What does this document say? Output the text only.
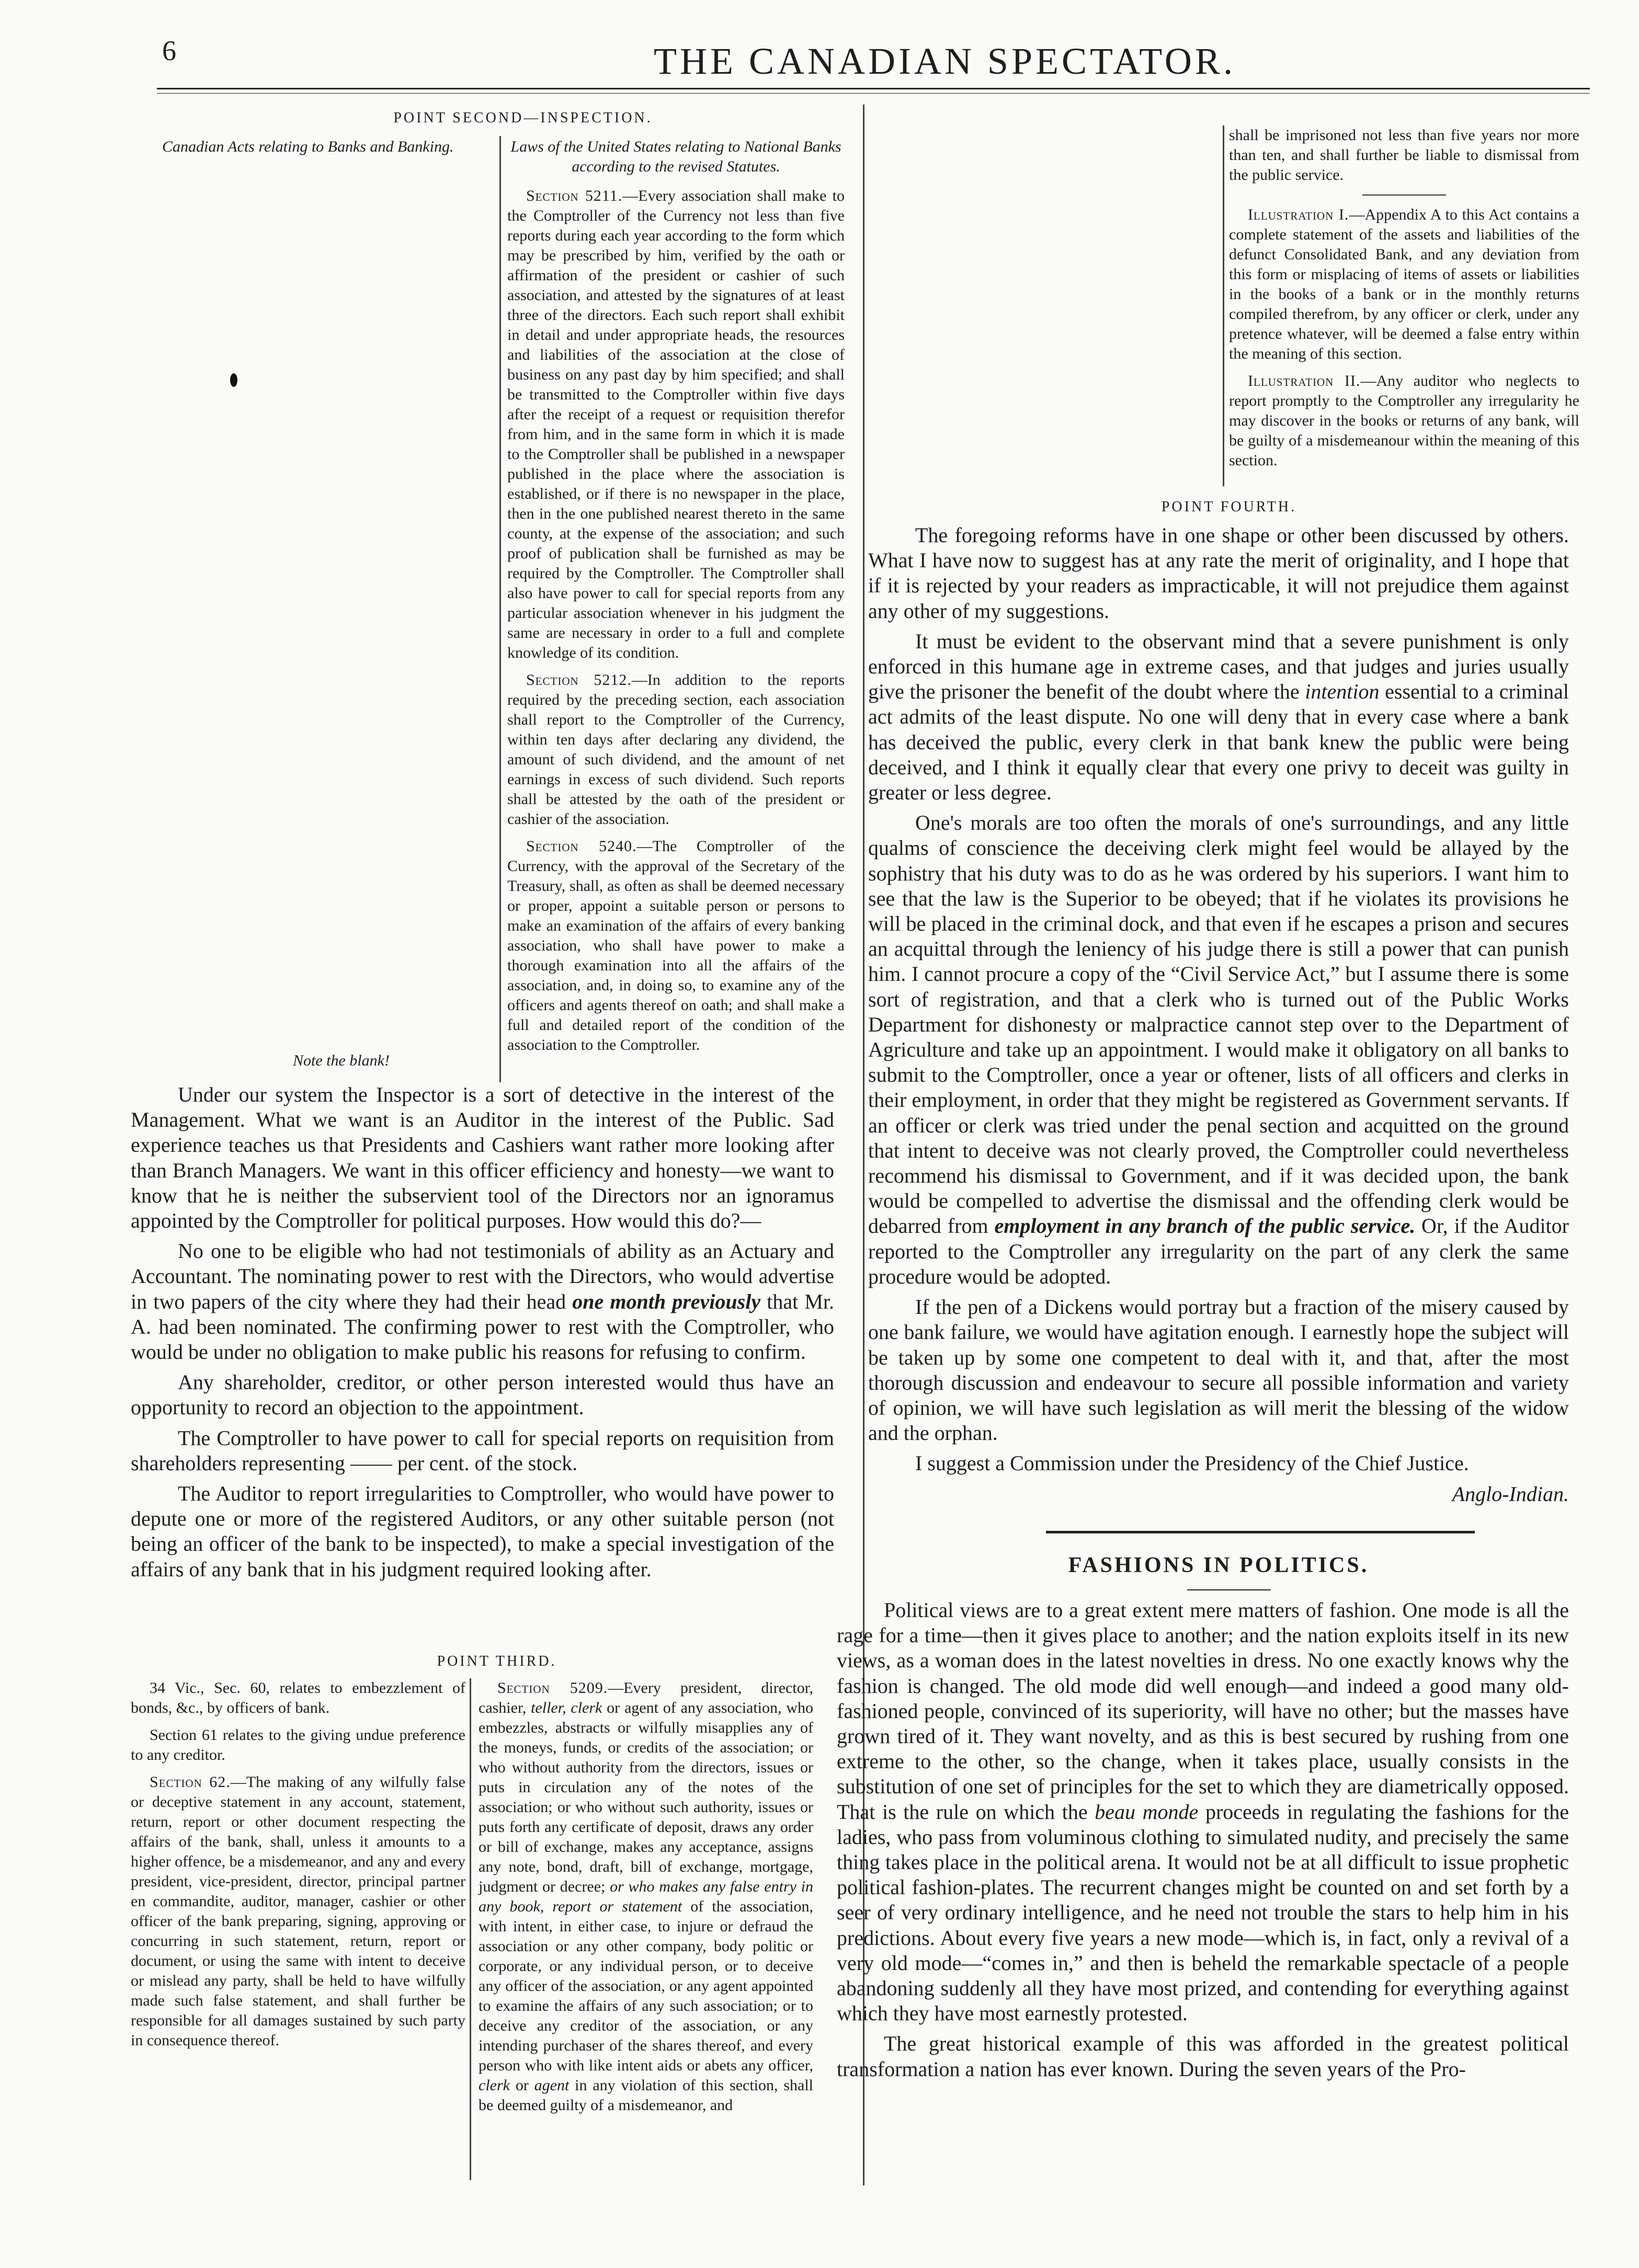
6	THE CANADIAN SPECTATOR.
POINT SECOND—INSPECTION.
Canadian Acts relating to Banks and Banking.
Note the blank!

Laws of the United States relating to National Banks according to the revised Statutes.

Section 5211.—Every association shall make to the Comptroller of the Currency not less than five reports during each year according to the form which may be prescribed by him, verified by the oath or affirmation of the president or cashier of such association, and attested by the signatures of at least three of the directors. Each such report shall exhibit in detail and under appropriate heads, the resources and liabilities of the association at the close of business on any past day by him specified; and shall be transmitted to the Comptroller within five days after the receipt of a request or requisition therefor from him, and in the same form in which it is made to the Comptroller shall be published in a newspaper published in the place where the association is established, or if there is no newspaper in the place, then in the one published nearest thereto in the same county, at the expense of the association; and such proof of publication shall be furnished as may be required by the Comptroller. The Comptroller shall also have power to call for special reports from any particular association whenever in his judgment the same are necessary in order to a full and complete knowledge of its condition.

Section 5212.—In addition to the reports required by the preceding section, each association shall report to the Comptroller of the Currency, within ten days after declaring any dividend, the amount of such dividend, and the amount of net earnings in excess of such dividend. Such reports shall be attested by the oath of the president or cashier of the association.

Section 5240.—The Comptroller of the Currency, with the approval of the Secretary of the Treasury, shall, as often as shall be deemed necessary or proper, appoint a suitable person or persons to make an examination of the affairs of every banking association, who shall have power to make a thorough examination into all the affairs of the association, and, in doing so, to examine any of the officers and agents thereof on oath; and shall make a full and detailed report of the condition of the association to the Comptroller.

Under our system the Inspector is a sort of detective in the interest of the Management. What we want is an Auditor in the interest of the Public. Sad experience teaches us that Presidents and Cashiers want rather more looking after than Branch Managers. We want in this officer efficiency and honesty—we want to know that he is neither the subservient tool of the Directors nor an ignoramus appointed by the Comptroller for political purposes. How would this do?—

No one to be eligible who had not testimonials of ability as an Actuary and Accountant. The nominating power to rest with the Directors, who would advertise in two papers of the city where they had their head one month previously that Mr. A. had been nominated. The confirming power to rest with the Comptroller, who would be under no obligation to make public his reasons for refusing to confirm.

Any shareholder, creditor, or other person interested would thus have an opportunity to record an objection to the appointment.

The Comptroller to have power to call for special reports on requisition from shareholders representing —— per cent. of the stock.

The Auditor to report irregularities to Comptroller, who would have power to depute one or more of the registered Auditors, or any other suitable person (not being an officer of the bank to be inspected), to make a special investigation of the affairs of any bank that in his judgment required looking after.

POINT THIRD.

34 Vic., Sec. 60, relates to embezzlement of bonds, &c., by officers of bank.

Section 61 relates to the giving undue preference to any creditor.

Section 62.—The making of any wilfully false or deceptive statement in any account, statement, return, report or other document respecting the affairs of the bank, shall, unless it amounts to a higher offence, be a misdemeanor, and any and every president, vice-president, director, principal partner en commandite, auditor, manager, cashier or other officer of the bank preparing, signing, approving or concurring in such statement, return, report or document, or using the same with intent to deceive or mislead any party, shall be held to have wilfully made such false statement, and shall further be responsible for all damages sustained by such party in consequence thereof.

Section 5209.—Every president, director, cashier, teller, clerk or agent of any association, who embezzles, abstracts or wilfully misapplies any of the moneys, funds, or credits of the association; or who without authority from the directors, issues or puts in circulation any of the notes of the association; or who without such authority, issues or puts forth any certificate of deposit, draws any order or bill of exchange, makes any acceptance, assigns any note, bond, draft, bill of exchange, mortgage, judgment or decree; or who makes any false entry in any book, report or statement of the association, with intent, in either case, to injure or defraud the association or any other company, body politic or corporate, or any individual person, or to deceive any officer of the association, or any agent appointed to examine the affairs of any such association; or to deceive any creditor of the association, or any intending purchaser of the shares thereof, and every person who with like intent aids or abets any officer, clerk or agent in any violation of this section, shall be deemed guilty of a misdemeanor, and

shall be imprisoned not less than five years nor more than ten, and shall further be liable to dismissal from the public service.

Illustration I.—Appendix A to this Act contains a complete statement of the assets and liabilities of the defunct Consolidated Bank, and any deviation from this form or misplacing of items of assets or liabilities in the books of a bank or in the monthly returns compiled therefrom, by any officer or clerk, under any pretence whatever, will be deemed a false entry within the meaning of this section.

Illustration II.—Any auditor who neglects to report promptly to the Comptroller any irregularity he may discover in the books or returns of any bank, will be guilty of a misdemeanour within the meaning of this section.

POINT FOURTH.

The foregoing reforms have in one shape or other been discussed by others. What I have now to suggest has at any rate the merit of originality, and I hope that if it is rejected by your readers as impracticable, it will not prejudice them against any other of my suggestions.

It must be evident to the observant mind that a severe punishment is only enforced in this humane age in extreme cases, and that judges and juries usually give the prisoner the benefit of the doubt where the intention essential to a criminal act admits of the least dispute. No one will deny that in every case where a bank has deceived the public, every clerk in that bank knew the public were being deceived, and I think it equally clear that every one privy to deceit was guilty in greater or less degree.

One's morals are too often the morals of one's surroundings, and any little qualms of conscience the deceiving clerk might feel would be allayed by the sophistry that his duty was to do as he was ordered by his superiors. I want him to see that the law is the Superior to be obeyed; that if he violates its provisions he will be placed in the criminal dock, and that even if he escapes a prison and secures an acquittal through the leniency of his judge there is still a power that can punish him. I cannot procure a copy of the “Civil Service Act,” but I assume there is some sort of registration, and that a clerk who is turned out of the Public Works Department for dishonesty or malpractice cannot step over to the Department of Agriculture and take up an appointment. I would make it obligatory on all banks to submit to the Comptroller, once a year or oftener, lists of all officers and clerks in their employment, in order that they might be registered as Government servants. If an officer or clerk was tried under the penal section and acquitted on the ground that intent to deceive was not clearly proved, the Comptroller could nevertheless recommend his dismissal to Government, and if it was decided upon, the bank would be compelled to advertise the dismissal and the offending clerk would be debarred from employment in any branch of the public service. Or, if the Auditor reported to the Comptroller any irregularity on the part of any clerk the same procedure would be adopted.

If the pen of a Dickens would portray but a fraction of the misery caused by one bank failure, we would have agitation enough. I earnestly hope the subject will be taken up by some one competent to deal with it, and that, after the most thorough discussion and endeavour to secure all possible information and variety of opinion, we will have such legislation as will merit the blessing of the widow and the orphan.

I suggest a Commission under the Presidency of the Chief Justice.

Anglo-Indian.
FASHIONS IN POLITICS.

Political views are to a great extent mere matters of fashion. One mode is all the rage for a time—then it gives place to another; and the nation exploits itself in its new views, as a woman does in the latest novelties in dress. No one exactly knows why the fashion is changed. The old mode did well enough—and indeed a good many old-fashioned people, convinced of its superiority, will have no other; but the masses have grown tired of it. They want novelty, and as this is best secured by rushing from one extreme to the other, so the change, when it takes place, usually consists in the substitution of one set of principles for the set to which they are diametrically opposed. That is the rule on which the beau monde proceeds in regulating the fashions for the ladies, who pass from voluminous clothing to simulated nudity, and precisely the same thing takes place in the political arena. It would not be at all difficult to issue prophetic political fashion-plates. The recurrent changes might be counted on and set forth by a seer of very ordinary intelligence, and he need not trouble the stars to help him in his predictions. About every five years a new mode—which is, in fact, only a revival of a very old mode—“comes in,” and then is beheld the remarkable spectacle of a people abandoning suddenly all they have most prized, and contending for everything against which they have most earnestly protested.

The great historical example of this was afforded in the greatest political transformation a nation has ever known. During the seven years of the Pro-
